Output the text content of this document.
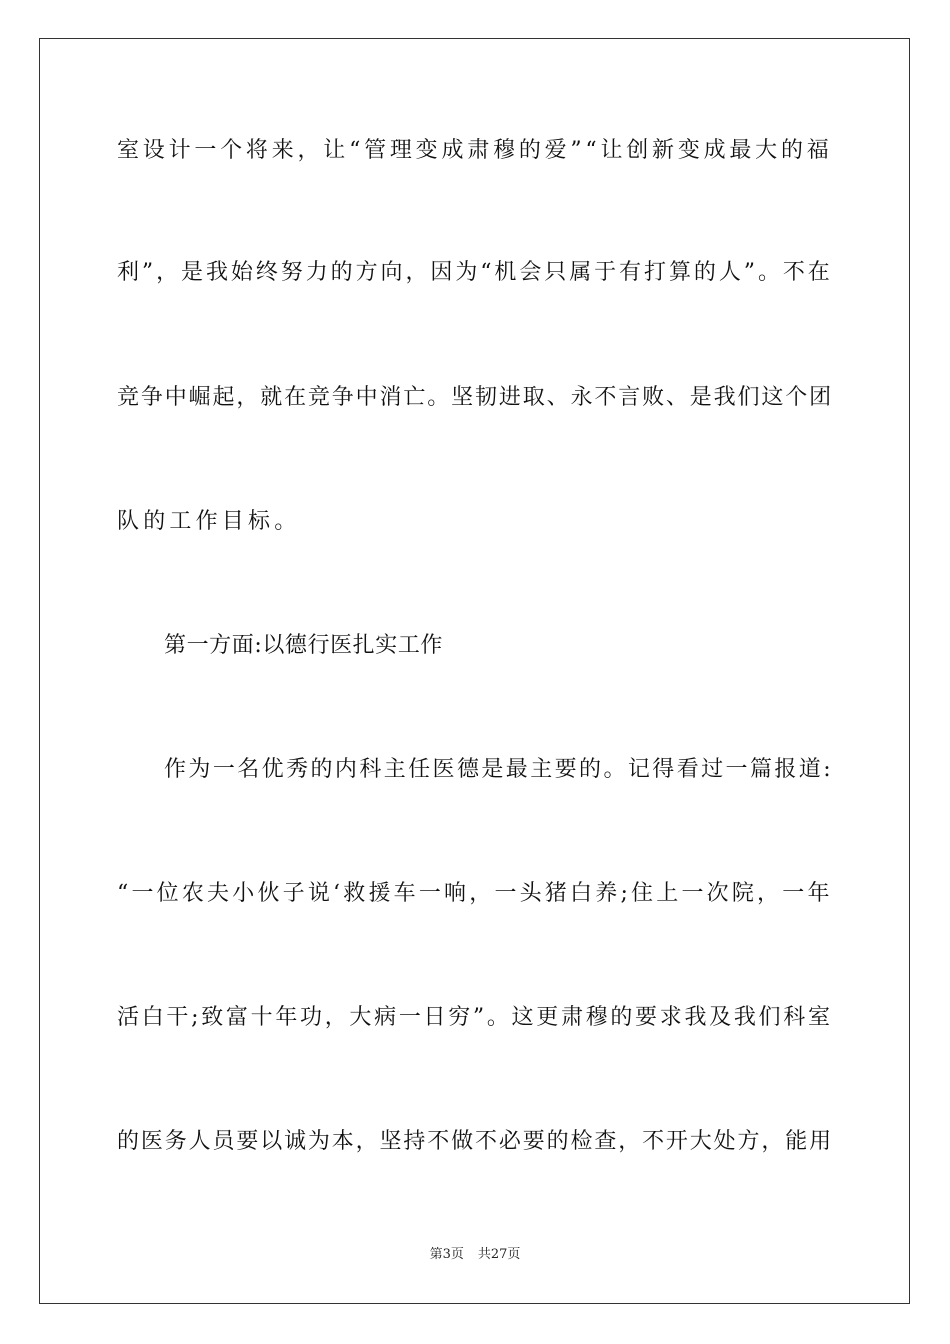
室设计一个将来，让“管理变成肃穆的爱”“让创新变成最大的福
利”，是我始终努力的方向，因为“机会只属于有打算的人”。不在
竞争中崛起，就在竞争中消亡。坚韧进取、永不言败、是我们这个团
队的工作目标。
第一方面:以德行医扎实工作
作为一名优秀的内科主任医德是最主要的。记得看过一篇报道:
“一位农夫小伙子说‘救援车一响，一头猪白养;住上一次院，一年
活白干;致富十年功，大病一日穷”。这更肃穆的要求我及我们科室
的医务人员要以诚为本，坚持不做不必要的检查，不开大处方，能用
第3页 共27页
